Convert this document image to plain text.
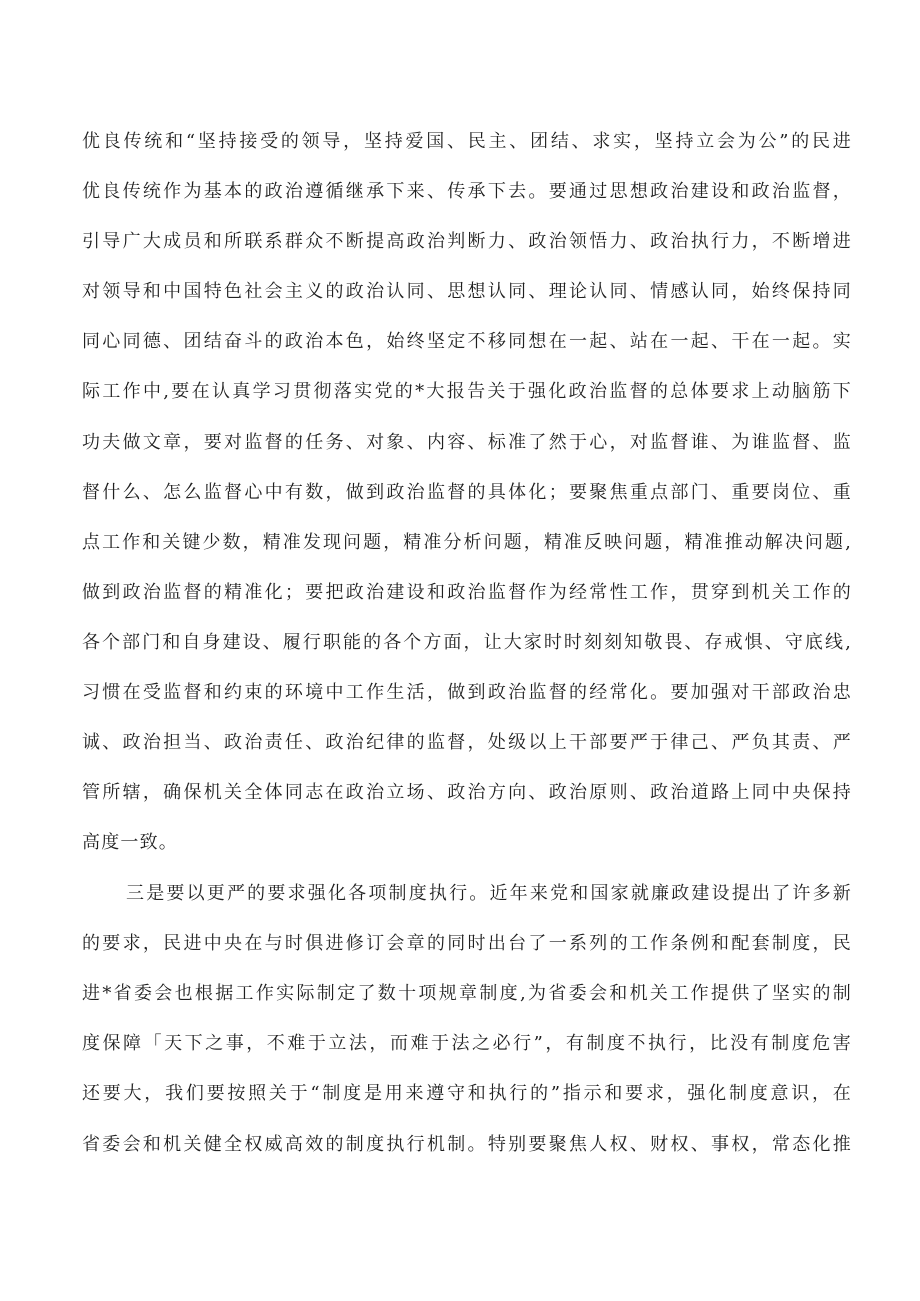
优良传统和“坚持接受的领导，坚持爱国、民主、团结、求实，坚持立会为公”的民进
优良传统作为基本的政治遵循继承下来、传承下去。要通过思想政治建设和政治监督，
引导广大成员和所联系群众不断提高政治判断力、政治领悟力、政治执行力，不断增进
对领导和中国特色社会主义的政治认同、思想认同、理论认同、情感认同，始终保持同
同心同德、团结奋斗的政治本色，始终坚定不移同想在一起、站在一起、干在一起。实
际工作中,要在认真学习贯彻落实党的*大报告关于强化政治监督的总体要求上动脑筋下
功夫做文章，要对监督的任务、对象、内容、标准了然于心，对监督谁、为谁监督、监
督什么、怎么监督心中有数，做到政治监督的具体化；要聚焦重点部门、重要岗位、重
点工作和关键少数，精准发现问题，精准分析问题，精准反映问题，精准推动解决问题,
做到政治监督的精准化；要把政治建设和政治监督作为经常性工作，贯穿到机关工作的
各个部门和自身建设、履行职能的各个方面，让大家时时刻刻知敬畏、存戒惧、守底线,
习惯在受监督和约束的环境中工作生活，做到政治监督的经常化。要加强对干部政治忠
诚、政治担当、政治责任、政治纪律的监督，处级以上干部要严于律己、严负其责、严
管所辖，确保机关全体同志在政治立场、政治方向、政治原则、政治道路上同中央保持
高度一致。
三是要以更严的要求强化各项制度执行。近年来党和国家就廉政建设提出了许多新
的要求，民进中央在与时俱进修订会章的同时出台了一系列的工作条例和配套制度，民
进*省委会也根据工作实际制定了数十项规章制度,为省委会和机关工作提供了坚实的制
度保障「天下之事，不难于立法，而难于法之必行”，有制度不执行，比没有制度危害
还要大，我们要按照关于“制度是用来遵守和执行的”指示和要求，强化制度意识，在
省委会和机关健全权威高效的制度执行机制。特别要聚焦人权、财权、事权，常态化推
